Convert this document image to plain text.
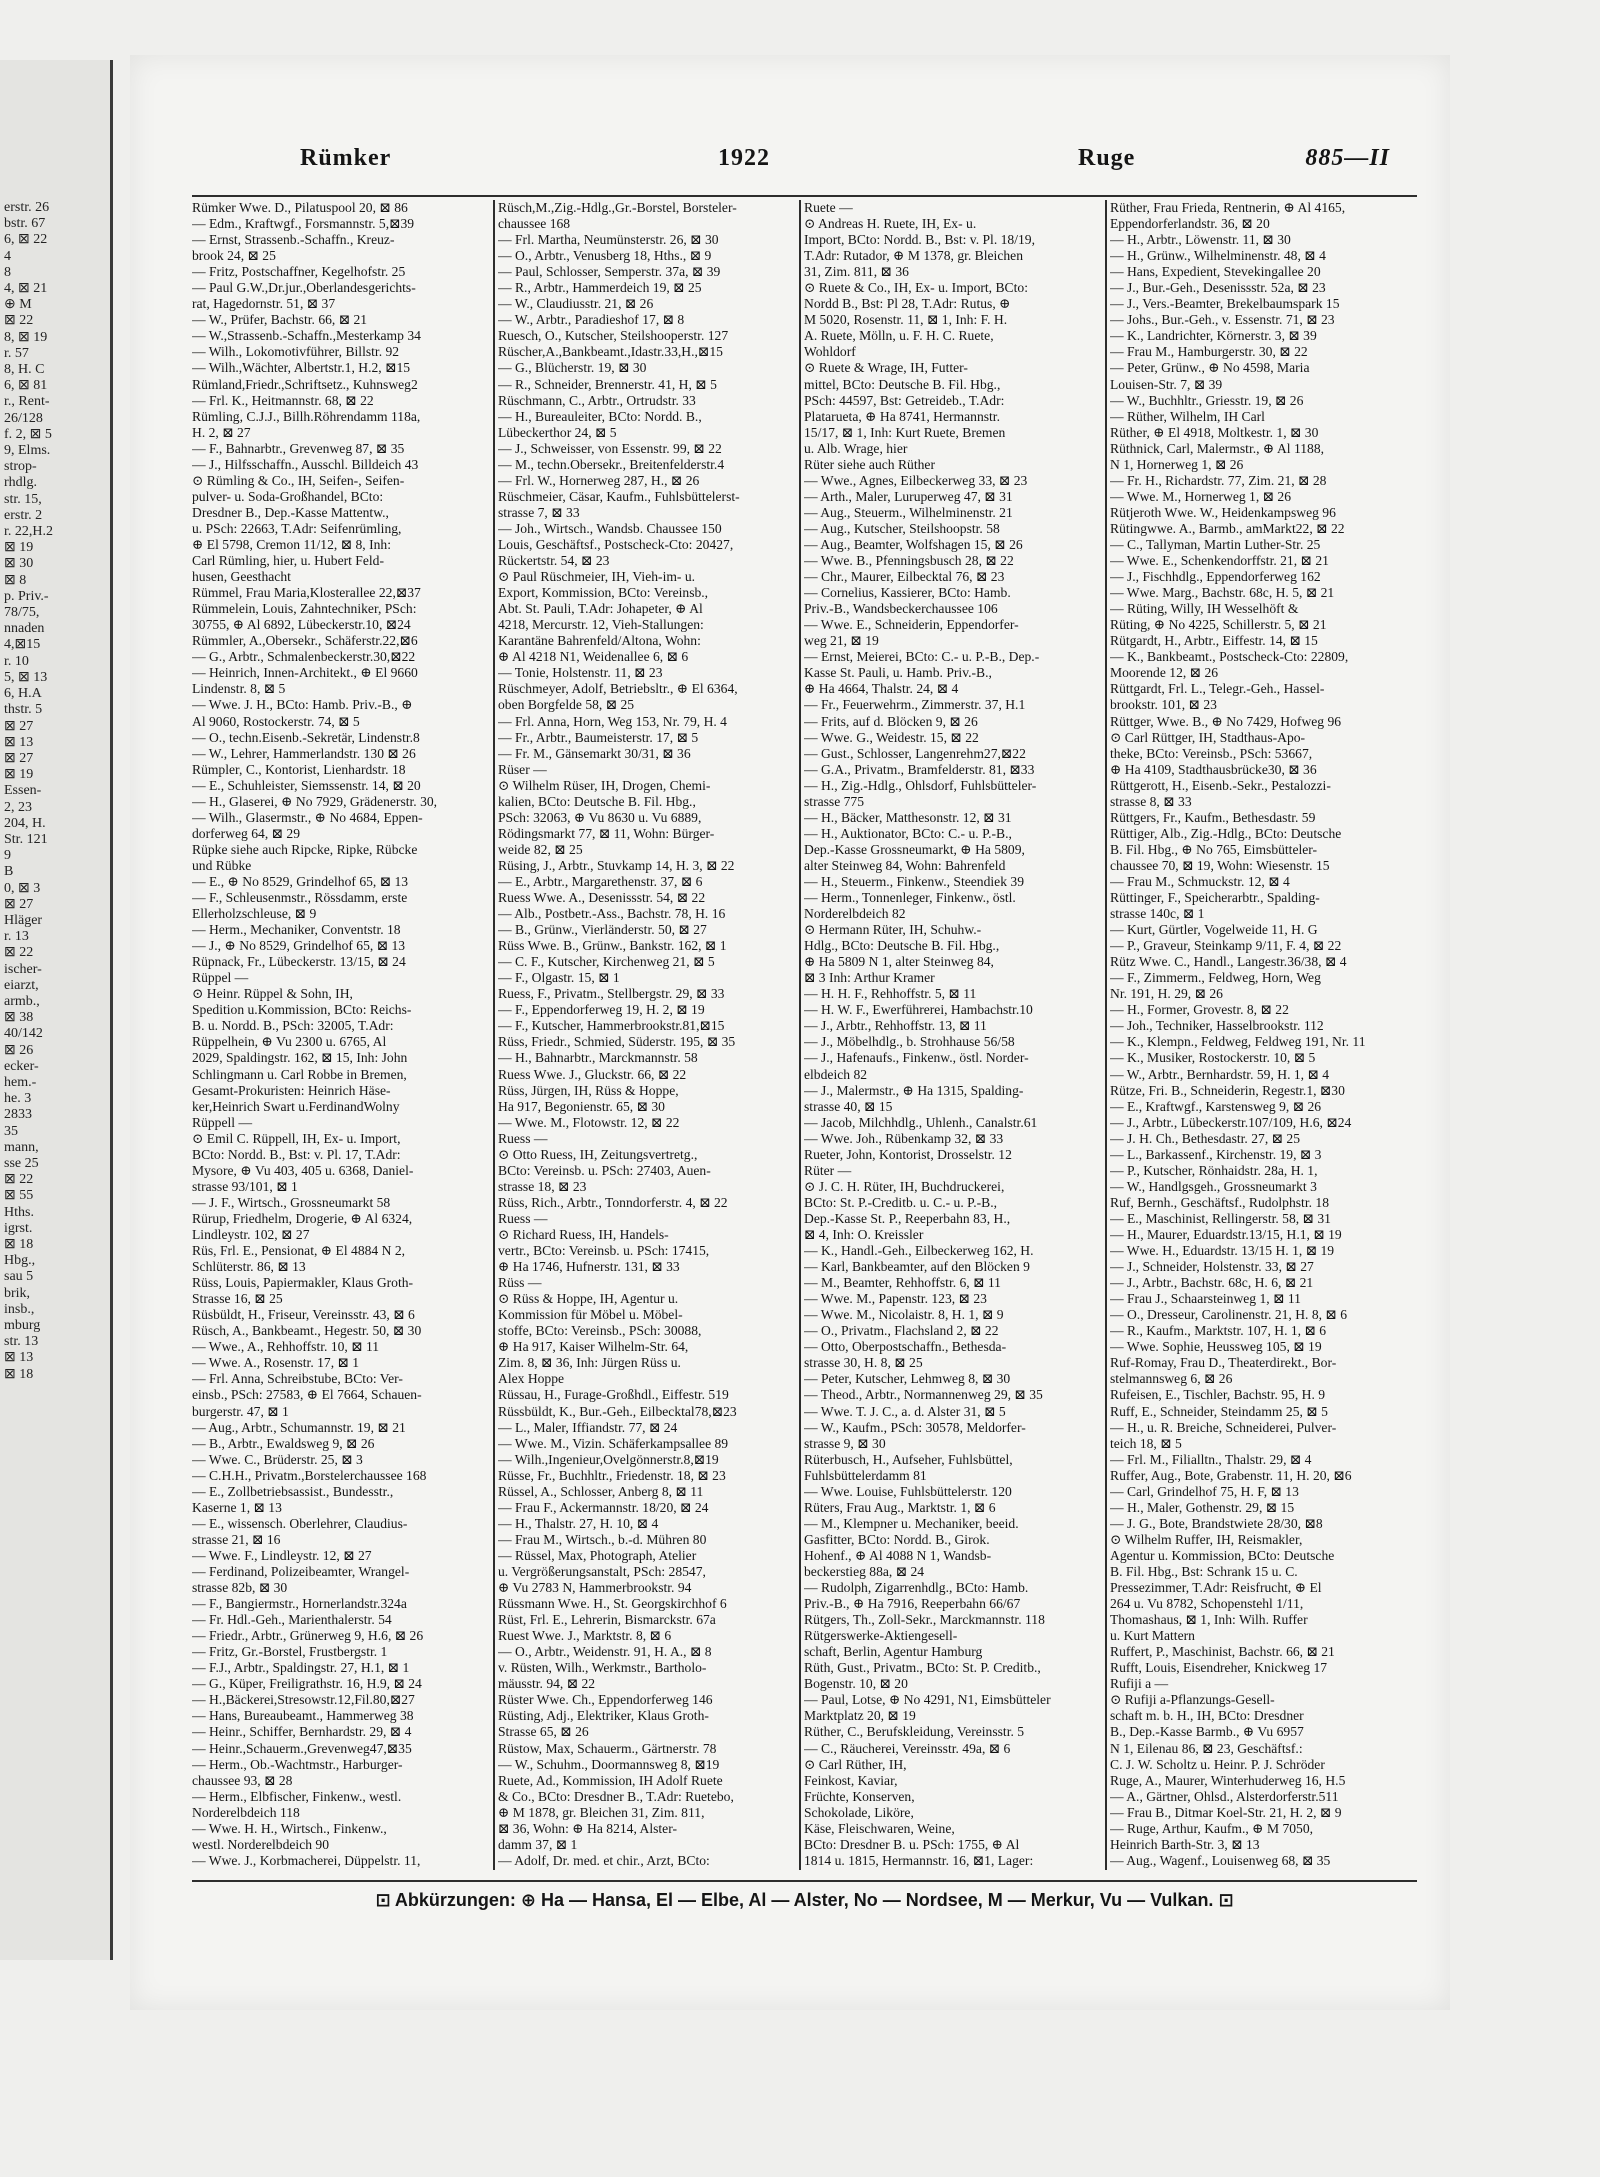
erstr. 26
bstr. 67
6, ⊠ 22
4
8
4, ⊠ 21
⊕ M
⊠ 22
8, ⊠ 19
r. 57
8, H. C
6, ⊠ 81
r., Rent-
26/128
f. 2, ⊠ 5
9, Elms.
strop-
rhdlg.
str. 15,
erstr. 2
r. 22,H.2
⊠ 19
⊠ 30
⊠ 8
p. Priv.-
78/75,
nnaden
4,⊠15
r. 10
5, ⊠ 13
6, H.A
thstr. 5
⊠ 27
⊠ 13
⊠ 27
⊠ 19
Essen-
2, 23
204, H.
Str. 121
9
B
0, ⊠ 3
⊠ 27
Hläger
r. 13
⊠ 22
ischer-
eiarzt,
armb.,
⊠ 38
40/142
⊠ 26
ecker-
hem.-
he. 3
2833
35
mann,
sse 25
⊠ 22
⊠ 55
Hths.
igrst.
⊠ 18
Hbg.,
sau 5
brik,
insb.,
mburg
str. 13
⊠ 13
⊠ 18
Rümker	1922	Ruge	885—II
Rümker Wwe. D., Pilatuspool 20, ⊠ 86
— Edm., Kraftwgf., Forsmannstr. 5,⊠39
— Ernst, Strassenb.-Schaffn., Kreuz-
brook 24, ⊠ 25
— Fritz, Postschaffner, Kegelhofstr. 25
— Paul G.W.,Dr.jur.,Oberlandesgerichts-
rat, Hagedornstr. 51, ⊠ 37
— W., Prüfer, Bachstr. 66, ⊠ 21
— W.,Strassenb.-Schaffn.,Mesterkamp 34
— Wilh., Lokomotivführer, Billstr. 92
— Wilh.,Wächter, Albertstr.1, H.2, ⊠15
Rümland,Friedr.,Schriftsetz., Kuhnsweg2
— Frl. K., Heitmannstr. 68, ⊠ 22
Rümling, C.J.J., Billh.Röhrendamm 118a,
H. 2, ⊠ 27
— F., Bahnarbtr., Grevenweg 87, ⊠ 35
— J., Hilfsschaffn., Ausschl. Billdeich 43
⊙ Rümling & Co., IH, Seifen-, Seifen-
pulver- u. Soda-Großhandel, BCto:
Dresdner B., Dep.-Kasse Mattentw.,
u. PSch: 22663, T.Adr: Seifenrümling,
⊕ El 5798, Cremon 11/12, ⊠ 8, Inh:
Carl Rümling, hier, u. Hubert Feld-
husen, Geesthacht
Rümmel, Frau Maria,Klosterallee 22,⊠37
Rümmelein, Louis, Zahntechniker, PSch:
30755, ⊕ Al 6892, Lübeckerstr.10, ⊠24
Rümmler, A.,Obersekr., Schäferstr.22,⊠6
— G., Arbtr., Schmalenbeckerstr.30,⊠22
— Heinrich, Innen-Architekt., ⊕ El 9660
Lindenstr. 8, ⊠ 5
— Wwe. J. H., BCto: Hamb. Priv.-B., ⊕
Al 9060, Rostockerstr. 74, ⊠ 5
— O., techn.Eisenb.-Sekretär, Lindenstr.8
— W., Lehrer, Hammerlandstr. 130 ⊠ 26
Rümpler, C., Kontorist, Lienhardstr. 18
— E., Schuhleister, Siemssenstr. 14, ⊠ 20
— H., Glaserei, ⊕ No 7929, Grädenerstr. 30,
— Wilh., Glasermstr., ⊕ No 4684, Eppen-
dorferweg 64, ⊠ 29
Rüpke siehe auch Ripcke, Ripke, Rübcke
und Rübke
— E., ⊕ No 8529, Grindelhof 65, ⊠ 13
— F., Schleusenmstr., Rössdamm, erste
Ellerholzschleuse, ⊠ 9
— Herm., Mechaniker, Conventstr. 18
— J., ⊕ No 8529, Grindelhof 65, ⊠ 13
Rüpnack, Fr., Lübeckerstr. 13/15, ⊠ 24
Rüppel —
⊙ Heinr. Rüppel & Sohn, IH,
Spedition u.Kommission, BCto: Reichs-
B. u. Nordd. B., PSch: 32005, T.Adr:
Rüppelhein, ⊕ Vu 2300 u. 6765, Al
2029, Spaldingstr. 162, ⊠ 15, Inh: John
Schlingmann u. Carl Robbe in Bremen,
Gesamt-Prokuristen: Heinrich Häse-
ker,Heinrich Swart u.FerdinandWolny
Rüppell —
⊙ Emil C. Rüppell, IH, Ex- u. Import,
BCto: Nordd. B., Bst: v. Pl. 17, T.Adr:
Mysore, ⊕ Vu 403, 405 u. 6368, Daniel-
strasse 93/101, ⊠ 1
— J. F., Wirtsch., Grossneumarkt 58
Rürup, Friedhelm, Drogerie, ⊕ Al 6324,
Lindleystr. 102, ⊠ 27
Rüs, Frl. E., Pensionat, ⊕ El 4884 N 2,
Schlüterstr. 86, ⊠ 13
Rüss, Louis, Papiermakler, Klaus Groth-
Strasse 16, ⊠ 25
Rüsbüldt, H., Friseur, Vereinsstr. 43, ⊠ 6
Rüsch, A., Bankbeamt., Hegestr. 50, ⊠ 30
— Wwe., A., Rehhoffstr. 10, ⊠ 11
— Wwe. A., Rosenstr. 17, ⊠ 1
— Frl. Anna, Schreibstube, BCto: Ver-
einsb., PSch: 27583, ⊕ El 7664, Schauen-
burgerstr. 47, ⊠ 1
— Aug., Arbtr., Schumannstr. 19, ⊠ 21
— B., Arbtr., Ewaldsweg 9, ⊠ 26
— Wwe. C., Brüderstr. 25, ⊠ 3
— C.H.H., Privatm.,Borstelerchaussee 168
— E., Zollbetriebsassist., Bundesstr.,
Kaserne 1, ⊠ 13
— E., wissensch. Oberlehrer, Claudius-
strasse 21, ⊠ 16
— Wwe. F., Lindleystr. 12, ⊠ 27
— Ferdinand, Polizeibeamter, Wrangel-
strasse 82b, ⊠ 30
— F., Bangiermstr., Hornerlandstr.324a
— Fr. Hdl.-Geh., Marienthalerstr. 54
— Friedr., Arbtr., Grünerweg 9, H.6, ⊠ 26
— Fritz, Gr.-Borstel, Frustbergstr. 1
— F.J., Arbtr., Spaldingstr. 27, H.1, ⊠ 1
— G., Küper, Freiligrathstr. 16, H.9, ⊠ 24
— H.,Bäckerei,Stresowstr.12,Fil.80,⊠27
— Hans, Bureaubeamt., Hammerweg 38
— Heinr., Schiffer, Bernhardstr. 29, ⊠ 4
— Heinr.,Schauerm.,Grevenweg47,⊠35
— Herm., Ob.-Wachtmstr., Harburger-
chaussee 93, ⊠ 28
— Herm., Elbfischer, Finkenw., westl.
Norderelbdeich 118
— Wwe. H. H., Wirtsch., Finkenw.,
westl. Norderelbdeich 90
— Wwe. J., Korbmacherei, Düppelstr. 11,
Rüsch,M.,Zig.-Hdlg.,Gr.-Borstel, Borsteler-
chaussee 168
— Frl. Martha, Neumünsterstr. 26, ⊠ 30
— O., Arbtr., Venusberg 18, Hths., ⊠ 9
— Paul, Schlosser, Semperstr. 37a, ⊠ 39
— R., Arbtr., Hammerdeich 19, ⊠ 25
— W., Claudiusstr. 21, ⊠ 26
— W., Arbtr., Paradieshof 17, ⊠ 8
Ruesch, O., Kutscher, Steilshooperstr. 127
Rüscher,A.,Bankbeamt.,Idastr.33,H.,⊠15
— G., Blücherstr. 19, ⊠ 30
— R., Schneider, Brennerstr. 41, H, ⊠ 5
Rüschmann, C., Arbtr., Ortrudstr. 33
— H., Bureauleiter, BCto: Nordd. B.,
Lübeckerthor 24, ⊠ 5
— J., Schweisser, von Essenstr. 99, ⊠ 22
— M., techn.Obersekr., Breitenfelderstr.4
— Frl. W., Hornerweg 287, H., ⊠ 26
Rüschmeier, Cäsar, Kaufm., Fuhlsbüttelerst-
strasse 7, ⊠ 33
— Joh., Wirtsch., Wandsb. Chaussee 150
Louis, Geschäftsf., Postscheck-Cto: 20427,
Rückertstr. 54, ⊠ 23
⊙ Paul Rüschmeier, IH, Vieh-im- u.
Export, Kommission, BCto: Vereinsb.,
Abt. St. Pauli, T.Adr: Johapeter, ⊕ Al
4218, Mercurstr. 12, Vieh-Stallungen:
Karantäne Bahrenfeld/Altona, Wohn:
⊕ Al 4218 N1, Weidenallee 6, ⊠ 6
— Tonie, Holstenstr. 11, ⊠ 23
Rüschmeyer, Adolf, Betriebsltr., ⊕ El 6364,
oben Borgfelde 58, ⊠ 25
— Frl. Anna, Horn, Weg 153, Nr. 79, H. 4
— Fr., Arbtr., Baumeisterstr. 17, ⊠ 5
— Fr. M., Gänsemarkt 30/31, ⊠ 36
Rüser —
⊙ Wilhelm Rüser, IH, Drogen, Chemi-
kalien, BCto: Deutsche B. Fil. Hbg.,
PSch: 32063, ⊕ Vu 8630 u. Vu 6889,
Rödingsmarkt 77, ⊠ 11, Wohn: Bürger-
weide 82, ⊠ 25
Rüsing, J., Arbtr., Stuvkamp 14, H. 3, ⊠ 22
— E., Arbtr., Margarethenstr. 37, ⊠ 6
Ruess Wwe. A., Desenissstr. 54, ⊠ 22
— Alb., Postbetr.-Ass., Bachstr. 78, H. 16
— B., Grünw., Vierländerstr. 50, ⊠ 27
Rüss Wwe. B., Grünw., Bankstr. 162, ⊠ 1
— C. F., Kutscher, Kirchenweg 21, ⊠ 5
— F., Olgastr. 15, ⊠ 1
Ruess, F., Privatm., Stellbergstr. 29, ⊠ 33
— F., Eppendorferweg 19, H. 2, ⊠ 19
— F., Kutscher, Hammerbrookstr.81,⊠15
Rüss, Friedr., Schmied, Süderstr. 195, ⊠ 35
— H., Bahnarbtr., Marckmannstr. 58
Ruess Wwe. J., Gluckstr. 66, ⊠ 22
Rüss, Jürgen, IH, Rüss & Hoppe,
Ha 917, Begonienstr. 65, ⊠ 30
— Wwe. M., Flotowstr. 12, ⊠ 22
Ruess —
⊙ Otto Ruess, IH, Zeitungsvertretg.,
BCto: Vereinsb. u. PSch: 27403, Auen-
strasse 18, ⊠ 23
Rüss, Rich., Arbtr., Tonndorferstr. 4, ⊠ 22
Ruess —
⊙ Richard Ruess, IH, Handels-
vertr., BCto: Vereinsb. u. PSch: 17415,
⊕ Ha 1746, Hufnerstr. 131, ⊠ 33
Rüss —
⊙ Rüss & Hoppe, IH, Agentur u.
Kommission für Möbel u. Möbel-
stoffe, BCto: Vereinsb., PSch: 30088,
⊕ Ha 917, Kaiser Wilhelm-Str. 64,
Zim. 8, ⊠ 36, Inh: Jürgen Rüss u.
Alex Hoppe
Rüssau, H., Furage-Großhdl., Eiffestr. 519
Rüssbüldt, K., Bur.-Geh., Eilbecktal78,⊠23
— L., Maler, Iffiandstr. 77, ⊠ 24
— Wwe. M., Vizin. Schäferkampsallee 89
— Wilh.,Ingenieur,Ovelgönnerstr.8,⊠19
Rüsse, Fr., Buchhltr., Friedenstr. 18, ⊠ 23
Rüssel, A., Schlosser, Anberg 8, ⊠ 11
— Frau F., Ackermannstr. 18/20, ⊠ 24
— H., Thalstr. 27, H. 10, ⊠ 4
— Frau M., Wirtsch., b.-d. Mühren 80
— Rüssel, Max, Photograph, Atelier
u. Vergrößerungsanstalt, PSch: 28547,
⊕ Vu 2783 N, Hammerbrookstr. 94
Rüssmann Wwe. H., St. Georgskirchhof 6
Rüst, Frl. E., Lehrerin, Bismarckstr. 67a
Ruest Wwe. J., Marktstr. 8, ⊠ 6
— O., Arbtr., Weidenstr. 91, H. A., ⊠ 8
v. Rüsten, Wilh., Werkmstr., Bartholo-
mäusstr. 94, ⊠ 22
Rüster Wwe. Ch., Eppendorferweg 146
Rüsting, Adj., Elektriker, Klaus Groth-
Strasse 65, ⊠ 26
Rüstow, Max, Schauerm., Gärtnerstr. 78
— W., Schuhm., Doormannsweg 8, ⊠19
Ruete, Ad., Kommission, IH Adolf Ruete
& Co., BCto: Dresdner B., T.Adr: Ruetebo,
⊕ M 1878, gr. Bleichen 31, Zim. 811,
⊠ 36, Wohn: ⊕ Ha 8214, Alster-
damm 37, ⊠ 1
— Adolf, Dr. med. et chir., Arzt, BCto:
Ruete —
⊙ Andreas H. Ruete, IH, Ex- u.
Import, BCto: Nordd. B., Bst: v. Pl. 18/19,
T.Adr: Rutador, ⊕ M 1378, gr. Bleichen
31, Zim. 811, ⊠ 36
⊙ Ruete & Co., IH, Ex- u. Import, BCto:
Nordd B., Bst: Pl 28, T.Adr: Rutus, ⊕
M 5020, Rosenstr. 11, ⊠ 1, Inh: F. H.
A. Ruete, Mölln, u. F. H. C. Ruete,
Wohldorf
⊙ Ruete & Wrage, IH, Futter-
mittel, BCto: Deutsche B. Fil. Hbg.,
PSch: 44597, Bst: Getreideb., T.Adr:
Platarueta, ⊕ Ha 8741, Hermannstr.
15/17, ⊠ 1, Inh: Kurt Ruete, Bremen
u. Alb. Wrage, hier
Rüter siehe auch Rüther
— Wwe., Agnes, Eilbeckerweg 33, ⊠ 23
— Arth., Maler, Luruperweg 47, ⊠ 31
— Aug., Steuerm., Wilhelminenstr. 21
— Aug., Kutscher, Steilshoopstr. 58
— Aug., Beamter, Wolfshagen 15, ⊠ 26
— Wwe. B., Pfenningsbusch 28, ⊠ 22
— Chr., Maurer, Eilbecktal 76, ⊠ 23
— Cornelius, Kassierer, BCto: Hamb.
Priv.-B., Wandsbeckerchaussee 106
— Wwe. E., Schneiderin, Eppendorfer-
weg 21, ⊠ 19
— Ernst, Meierei, BCto: C.- u. P.-B., Dep.-
Kasse St. Pauli, u. Hamb. Priv.-B.,
⊕ Ha 4664, Thalstr. 24, ⊠ 4
— Fr., Feuerwehrm., Zimmerstr. 37, H.1
— Frits, auf d. Blöcken 9, ⊠ 26
— Wwe. G., Weidestr. 15, ⊠ 22
— Gust., Schlosser, Langenrehm27,⊠22
— G.A., Privatm., Bramfelderstr. 81, ⊠33
— H., Zig.-Hdlg., Ohlsdorf, Fuhlsbütteler-
strasse 775
— H., Bäcker, Matthesonstr. 12, ⊠ 31
— H., Auktionator, BCto: C.- u. P.-B.,
Dep.-Kasse Grossneumarkt, ⊕ Ha 5809,
alter Steinweg 84, Wohn: Bahrenfeld
— H., Steuerm., Finkenw., Steendiek 39
— Herm., Tonnenleger, Finkenw., östl.
Norderelbdeich 82
⊙ Hermann Rüter, IH, Schuhw.-
Hdlg., BCto: Deutsche B. Fil. Hbg.,
⊕ Ha 5809 N 1, alter Steinweg 84,
⊠ 3 Inh: Arthur Kramer
— H. H. F., Rehhoffstr. 5, ⊠ 11
— H. W. F., Ewerführerei, Hambachstr.10
— J., Arbtr., Rehhoffstr. 13, ⊠ 11
— J., Möbelhdlg., b. Strohhause 56/58
— J., Hafenaufs., Finkenw., östl. Norder-
elbdeich 82
— J., Malermstr., ⊕ Ha 1315, Spalding-
strasse 40, ⊠ 15
— Jacob, Milchhdlg., Uhlenh., Canalstr.61
— Wwe. Joh., Rübenkamp 32, ⊠ 33
Rueter, John, Kontorist, Drosselstr. 12
Rüter —
⊙ J. C. H. Rüter, IH, Buchdruckerei,
BCto: St. P.-Creditb. u. C.- u. P.-B.,
Dep.-Kasse St. P., Reeperbahn 83, H.,
⊠ 4, Inh: O. Kreissler
— K., Handl.-Geh., Eilbeckerweg 162, H.
— Karl, Bankbeamter, auf den Blöcken 9
— M., Beamter, Rehhoffstr. 6, ⊠ 11
— Wwe. M., Papenstr. 123, ⊠ 23
— Wwe. M., Nicolaistr. 8, H. 1, ⊠ 9
— O., Privatm., Flachsland 2, ⊠ 22
— Otto, Oberpostschaffn., Bethesda-
strasse 30, H. 8, ⊠ 25
— Peter, Kutscher, Lehmweg 8, ⊠ 30
— Theod., Arbtr., Normannenweg 29, ⊠ 35
— Wwe. T. J. C., a. d. Alster 31, ⊠ 5
— W., Kaufm., PSch: 30578, Meldorfer-
strasse 9, ⊠ 30
Rüterbusch, H., Aufseher, Fuhlsbüttel,
Fuhlsbüttelerdamm 81
— Wwe. Louise, Fuhlsbüttelerstr. 120
Rüters, Frau Aug., Marktstr. 1, ⊠ 6
— M., Klempner u. Mechaniker, beeid.
Gasfitter, BCto: Nordd. B., Girok.
Hohenf., ⊕ Al 4088 N 1, Wandsb-
beckerstieg 88a, ⊠ 24
— Rudolph, Zigarrenhdlg., BCto: Hamb.
Priv.-B., ⊕ Ha 7916, Reeperbahn 66/67
Rütgers, Th., Zoll-Sekr., Marckmannstr. 118
Rütgerswerke-Aktiengesell-
schaft, Berlin, Agentur Hamburg
Rüth, Gust., Privatm., BCto: St. P. Creditb.,
Bogenstr. 10, ⊠ 20
— Paul, Lotse, ⊕ No 4291, N1, Eimsbütteler
Marktplatz 20, ⊠ 19
Rüther, C., Berufskleidung, Vereinsstr. 5
— C., Räucherei, Vereinsstr. 49a, ⊠ 6
⊙ Carl Rüther, IH,
Feinkost, Kaviar,
Früchte, Konserven,
Schokolade, Liköre,
Käse, Fleischwaren, Weine,
BCto: Dresdner B. u. PSch: 1755, ⊕ Al
1814 u. 1815, Hermannstr. 16, ⊠1, Lager:
Rüther, Frau Frieda, Rentnerin, ⊕ Al 4165,
Eppendorferlandstr. 36, ⊠ 20
— H., Arbtr., Löwenstr. 11, ⊠ 30
— H., Grünw., Wilhelminenstr. 48, ⊠ 4
— Hans, Expedient, Stevekingallee 20
— J., Bur.-Geh., Desenissstr. 52a, ⊠ 23
— J., Vers.-Beamter, Brekelbaumspark 15
— Johs., Bur.-Geh., v. Essenstr. 71, ⊠ 23
— K., Landrichter, Körnerstr. 3, ⊠ 39
— Frau M., Hamburgerstr. 30, ⊠ 22
— Peter, Grünw., ⊕ No 4598, Maria
Louisen-Str. 7, ⊠ 39
— W., Buchhltr., Griesstr. 19, ⊠ 26
— Rüther, Wilhelm, IH Carl
Rüther, ⊕ El 4918, Moltkestr. 1, ⊠ 30
Rüthnick, Carl, Malermstr., ⊕ Al 1188,
N 1, Hornerweg 1, ⊠ 26
— Fr. H., Richardstr. 77, Zim. 21, ⊠ 28
— Wwe. M., Hornerweg 1, ⊠ 26
Rütjeroth Wwe. W., Heidenkampsweg 96
Rütingwwe. A., Barmb., amMarkt22, ⊠ 22
— C., Tallyman, Martin Luther-Str. 25
— Wwe. E., Schenkendorffstr. 21, ⊠ 21
— J., Fischhdlg., Eppendorferweg 162
— Wwe. Marg., Bachstr. 68c, H. 5, ⊠ 21
— Rüting, Willy, IH Wesselhöft &
Rüting, ⊕ No 4225, Schillerstr. 5, ⊠ 21
Rütgardt, H., Arbtr., Eiffestr. 14, ⊠ 15
— K., Bankbeamt., Postscheck-Cto: 22809,
Moorende 12, ⊠ 26
Rüttgardt, Frl. L., Telegr.-Geh., Hassel-
brookstr. 101, ⊠ 23
Rüttger, Wwe. B., ⊕ No 7429, Hofweg 96
⊙ Carl Rüttger, IH, Stadthaus-Apo-
theke, BCto: Vereinsb., PSch: 53667,
⊕ Ha 4109, Stadthausbrücke30, ⊠ 36
Rüttgerott, H., Eisenb.-Sekr., Pestalozzi-
strasse 8, ⊠ 33
Rüttgers, Fr., Kaufm., Bethesdastr. 59
Rüttiger, Alb., Zig.-Hdlg., BCto: Deutsche
B. Fil. Hbg., ⊕ No 765, Eimsbütteler-
chaussee 70, ⊠ 19, Wohn: Wiesenstr. 15
— Frau M., Schmuckstr. 12, ⊠ 4
Rüttinger, F., Speicherarbtr., Spalding-
strasse 140c, ⊠ 1
— Kurt, Gürtler, Vogelweide 11, H. G
— P., Graveur, Steinkamp 9/11, F. 4, ⊠ 22
Rütz Wwe. C., Handl., Langestr.36/38, ⊠ 4
— F., Zimmerm., Feldweg, Horn, Weg
Nr. 191, H. 29, ⊠ 26
— H., Former, Grovestr. 8, ⊠ 22
— Joh., Techniker, Hasselbrookstr. 112
— K., Klempn., Feldweg, Feldweg 191, Nr. 11
— K., Musiker, Rostockerstr. 10, ⊠ 5
— W., Arbtr., Bernhardstr. 59, H. 1, ⊠ 4
Rütze, Fri. B., Schneiderin, Regestr.1, ⊠30
— E., Kraftwgf., Karstensweg 9, ⊠ 26
— J., Arbtr., Lübeckerstr.107/109, H.6, ⊠24
— J. H. Ch., Bethesdastr. 27, ⊠ 25
— L., Barkassenf., Kirchenstr. 19, ⊠ 3
— P., Kutscher, Rönhaidstr. 28a, H. 1,
— W., Handlgsgeh., Grossneumarkt 3
Ruf, Bernh., Geschäftsf., Rudolphstr. 18
— E., Maschinist, Rellingerstr. 58, ⊠ 31
— H., Maurer, Eduardstr.13/15, H.1, ⊠ 19
— Wwe. H., Eduardstr. 13/15 H. 1, ⊠ 19
— J., Schneider, Holstenstr. 33, ⊠ 27
— J., Arbtr., Bachstr. 68c, H. 6, ⊠ 21
— Frau J., Schaarsteinweg 1, ⊠ 11
— O., Dresseur, Carolinenstr. 21, H. 8, ⊠ 6
— R., Kaufm., Marktstr. 107, H. 1, ⊠ 6
— Wwe. Sophie, Heussweg 105, ⊠ 19
Ruf-Romay, Frau D., Theaterdirekt., Bor-
stelmannsweg 6, ⊠ 26
Rufeisen, E., Tischler, Bachstr. 95, H. 9
Ruff, E., Schneider, Steindamm 25, ⊠ 5
— H., u. R. Breiche, Schneiderei, Pulver-
teich 18, ⊠ 5
— Frl. M., Filialltn., Thalstr. 29, ⊠ 4
Ruffer, Aug., Bote, Grabenstr. 11, H. 20, ⊠6
— Carl, Grindelhof 75, H. F, ⊠ 13
— H., Maler, Gothenstr. 29, ⊠ 15
— J. G., Bote, Brandstwiete 28/30, ⊠8
⊙ Wilhelm Ruffer, IH, Reismakler,
Agentur u. Kommission, BCto: Deutsche
B. Fil. Hbg., Bst: Schrank 15 u. C.
Pressezimmer, T.Adr: Reisfrucht, ⊕ El
264 u. Vu 8782, Schopenstehl 1/11,
Thomashaus, ⊠ 1, Inh: Wilh. Ruffer
u. Kurt Mattern
Ruffert, P., Maschinist, Bachstr. 66, ⊠ 21
Rufft, Louis, Eisendreher, Knickweg 17
Rufiji a —
⊙ Rufiji a-Pflanzungs-Gesell-
schaft m. b. H., IH, BCto: Dresdner
B., Dep.-Kasse Barmb., ⊕ Vu 6957
N 1, Eilenau 86, ⊠ 23, Geschäftsf.:
C. J. W. Scholtz u. Heinr. P. J. Schröder
Ruge, A., Maurer, Winterhuderweg 16, H.5
— A., Gärtner, Ohlsd., Alsterdorferstr.511
— Frau B., Ditmar Koel-Str. 21, H. 2, ⊠ 9
— Ruge, Arthur, Kaufm., ⊕ M 7050,
Heinrich Barth-Str. 3, ⊠ 13
— Aug., Wagenf., Louisenweg 68, ⊠ 35
⊡ Abkürzungen: ⊕ Ha — Hansa, El — Elbe, Al — Alster, No — Nordsee, M — Merkur, Vu — Vulkan. ⊡
